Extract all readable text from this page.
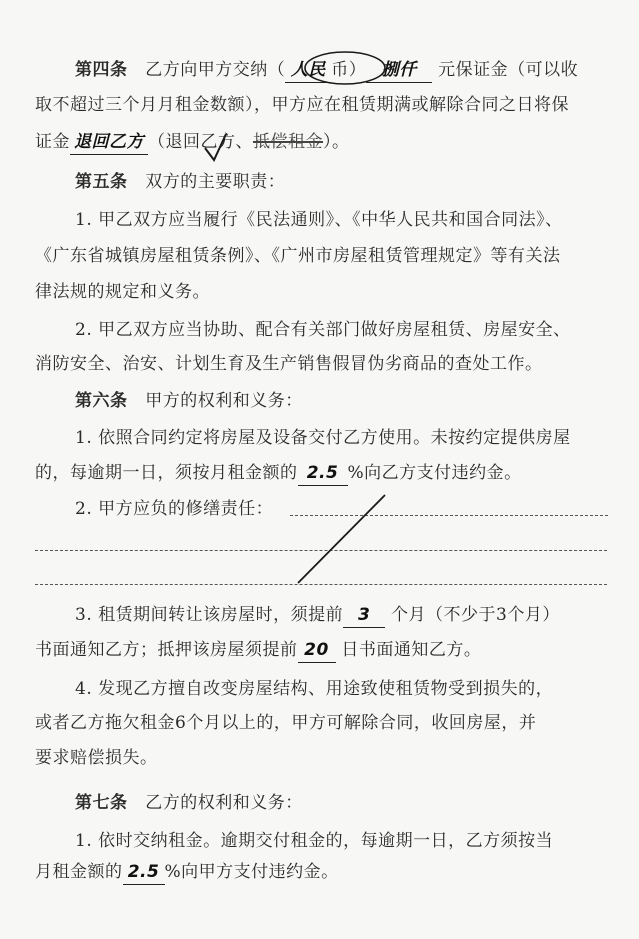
第四条 乙方向甲方交纳（ 人民 币） 捌仟 元保证金（可以收
取不超过三个月月租金数额），甲方应在租赁期满或解除合同之日将保
证金 退回乙方 （退回乙方、抵偿租金）。
第五条 双方的主要职责：
1. 甲乙双方应当履行《民法通则》、《中华人民共和国合同法》、
《广东省城镇房屋租赁条例》、《广州市房屋租赁管理规定》等有关法
律法规的规定和义务。
2. 甲乙双方应当协助、配合有关部门做好房屋租赁、房屋安全、
消防安全、治安、计划生育及生产销售假冒伪劣商品的查处工作。
第六条 甲方的权利和义务：
1. 依照合同约定将房屋及设备交付乙方使用。未按约定提供房屋
的，每逾期一日，须按月租金额的 2.5 %向乙方支付违约金。
2. 甲方应负的修缮责任：
3. 租赁期间转让该房屋时，须提前 3 个月（不少于3个月）
书面通知乙方；抵押该房屋须提前 20 日书面通知乙方。
4. 发现乙方擅自改变房屋结构、用途致使租赁物受到损失的，
或者乙方拖欠租金6个月以上的，甲方可解除合同，收回房屋，并
要求赔偿损失。
第七条 乙方的权利和义务：
1. 依时交纳租金。逾期交付租金的，每逾期一日，乙方须按当
月租金额的 2.5 %向甲方支付违约金。
